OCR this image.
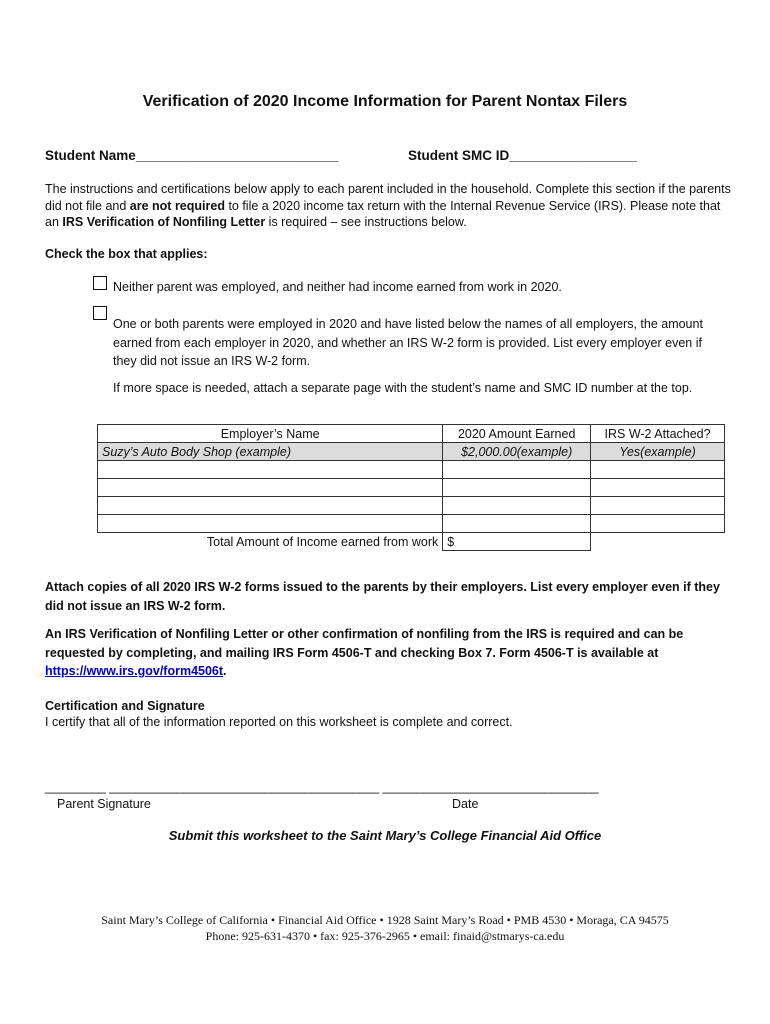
Verification of 2020 Income Information for Parent Nontax Filers
Student Name___________________________	Student SMC ID_________________
The instructions and certifications below apply to each parent included in the household. Complete this section if the parents did not file and are not required to file a 2020 income tax return with the Internal Revenue Service (IRS). Please note that an IRS Verification of Nonfiling Letter is required – see instructions below.
Check the box that applies:
Neither parent was employed, and neither had income earned from work in 2020.
One or both parents were employed in 2020 and have listed below the names of all employers, the amount earned from each employer in 2020, and whether an IRS W-2 form is provided. List every employer even if they did not issue an IRS W-2 form.
If more space is needed, attach a separate page with the student’s name and SMC ID number at the top.
Employer’s Name	2020 Amount Earned	IRS W-2 Attached?
Suzy’s Auto Body Shop (example)	$2,000.00(example)	Yes(example)

Total Amount of Income earned from work	$	
Attach copies of all 2020 IRS W-2 forms issued to the parents by their employers. List every employer even if they did not issue an IRS W-2 form.
An IRS Verification of Nonfiling Letter or other confirmation of nonfiling from the IRS is required and can be requested by completing, and mailing IRS Form 4506-T and checking Box 7. Form 4506-T is available at https://www.irs.gov/form4506t.
Certification and Signature
I certify that all of the information reported on this worksheet is complete and correct.
_________ ________________________________________ ________________________________
Parent Signature	Date
Submit this worksheet to the Saint Mary’s College Financial Aid Office
Saint Mary’s College of California • Financial Aid Office • 1928 Saint Mary’s Road • PMB 4530 • Moraga, CA 94575
Phone: 925-631-4370 • fax: 925-376-2965 • email: finaid@stmarys-ca.edu
